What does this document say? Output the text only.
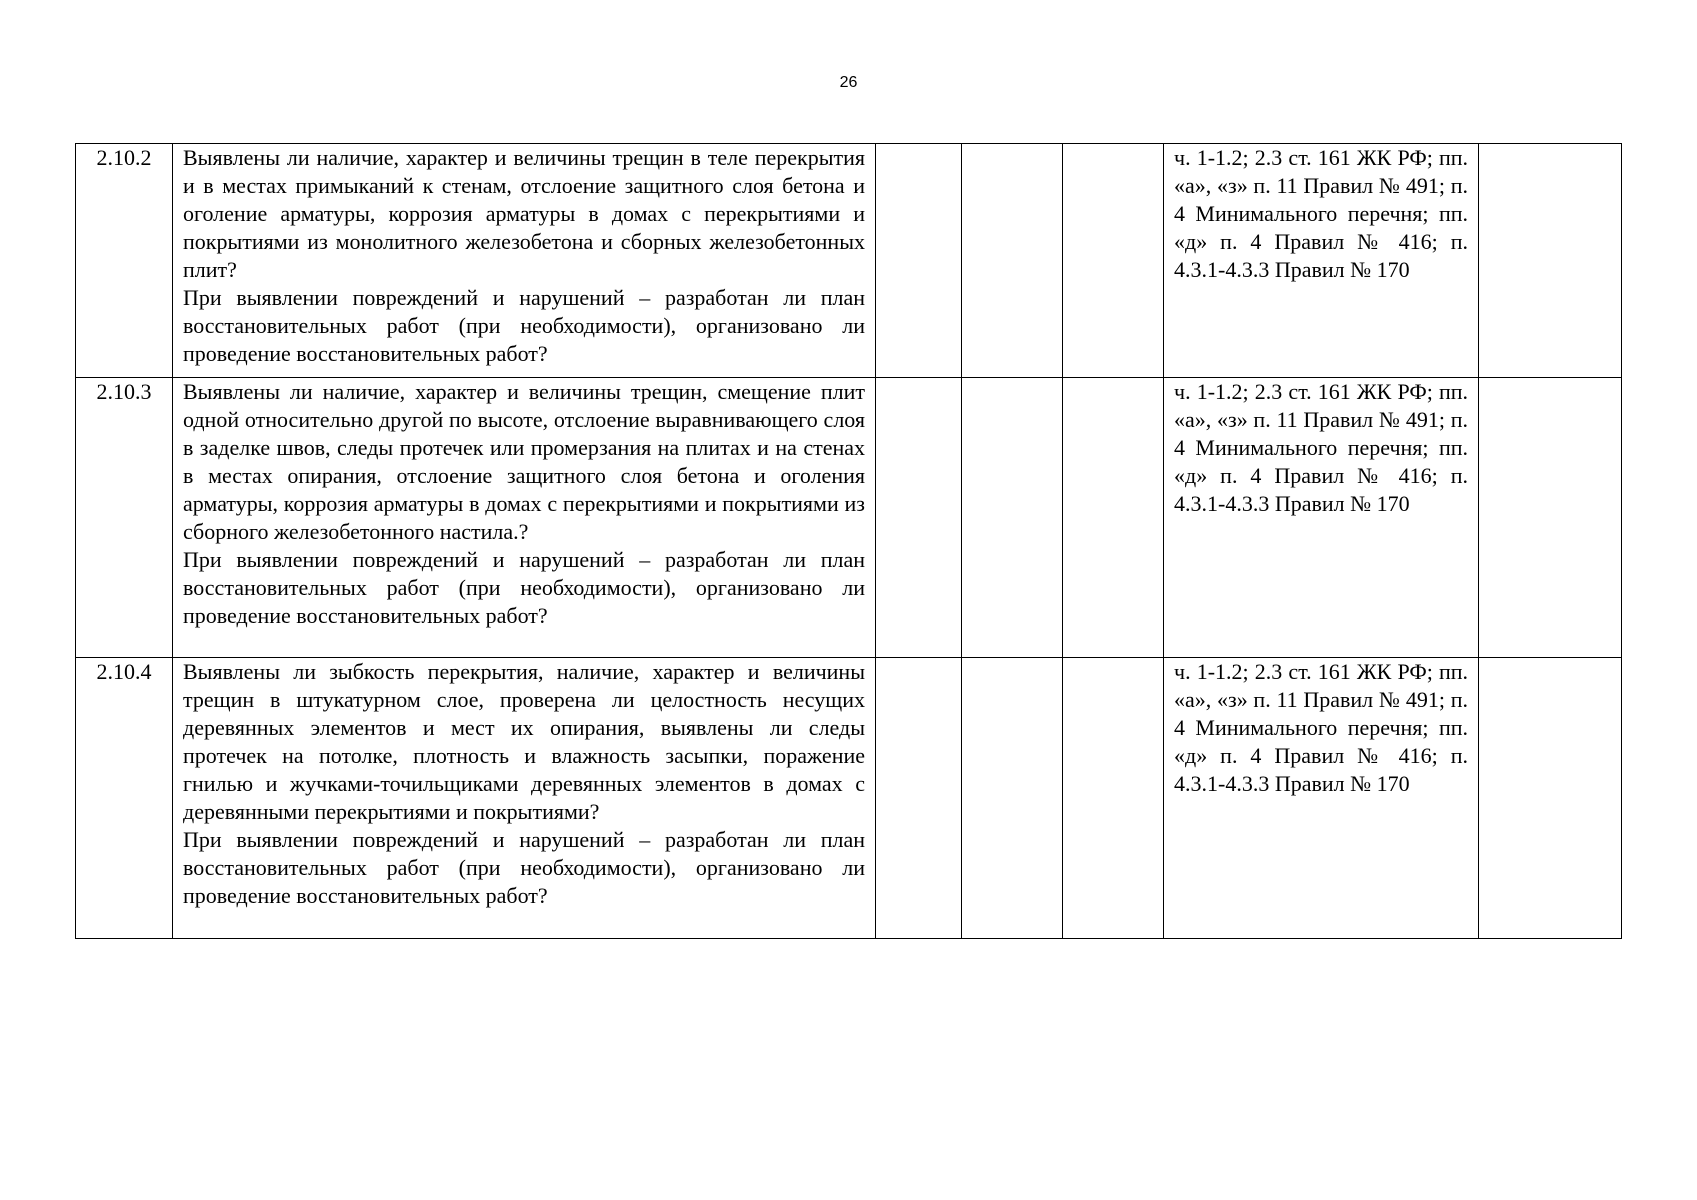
26
2.10.2	Выявлены ли наличие, характер и величины трещин в теле перекрытия и в местах примыканий к стенам, отслоение защитного слоя бетона и оголение арматуры, коррозия арматуры в домах с перекрытиями и покрытиями из монолитного железобетона и сборных железобетонных плит?
При выявлении повреждений и нарушений – разработан ли план восстановительных работ (при необходимости), организовано ли проведение восстановительных работ?				ч. 1-1.2; 2.3 ст. 161 ЖК РФ; пп. «а», «з» п. 11 Правил № 491; п. 4 Минимального перечня; пп. «д» п. 4 Правил № 416; п. 4.3.1-4.3.3 Правил № 170	
2.10.3	Выявлены ли наличие, характер и величины трещин, смещение плит одной относительно другой по высоте, отслоение выравнивающего слоя в заделке швов, следы протечек или промерзания на плитах и на стенах в местах опирания, отслоение защитного слоя бетона и оголения арматуры, коррозия арматуры в домах с перекрытиями и покрытиями из сборного железобетонного настила.?
При выявлении повреждений и нарушений – разработан ли план восстановительных работ (при необходимости), организовано ли проведение восстановительных работ?				ч. 1-1.2; 2.3 ст. 161 ЖК РФ; пп. «а», «з» п. 11 Правил № 491; п. 4 Минимального перечня; пп. «д» п. 4 Правил № 416; п. 4.3.1-4.3.3 Правил № 170	
2.10.4	Выявлены ли зыбкость перекрытия, наличие, характер и величины трещин в штукатурном слое, проверена ли целостность несущих деревянных элементов и мест их опирания, выявлены ли следы протечек на потолке, плотность и влажность засыпки, поражение гнилью и жучками-точильщиками деревянных элементов в домах с деревянными перекрытиями и покрытиями?
При выявлении повреждений и нарушений – разработан ли план восстановительных работ (при необходимости), организовано ли проведение восстановительных работ?				ч. 1-1.2; 2.3 ст. 161 ЖК РФ; пп. «а», «з» п. 11 Правил № 491; п. 4 Минимального перечня; пп. «д» п. 4 Правил № 416; п. 4.3.1-4.3.3 Правил № 170	
